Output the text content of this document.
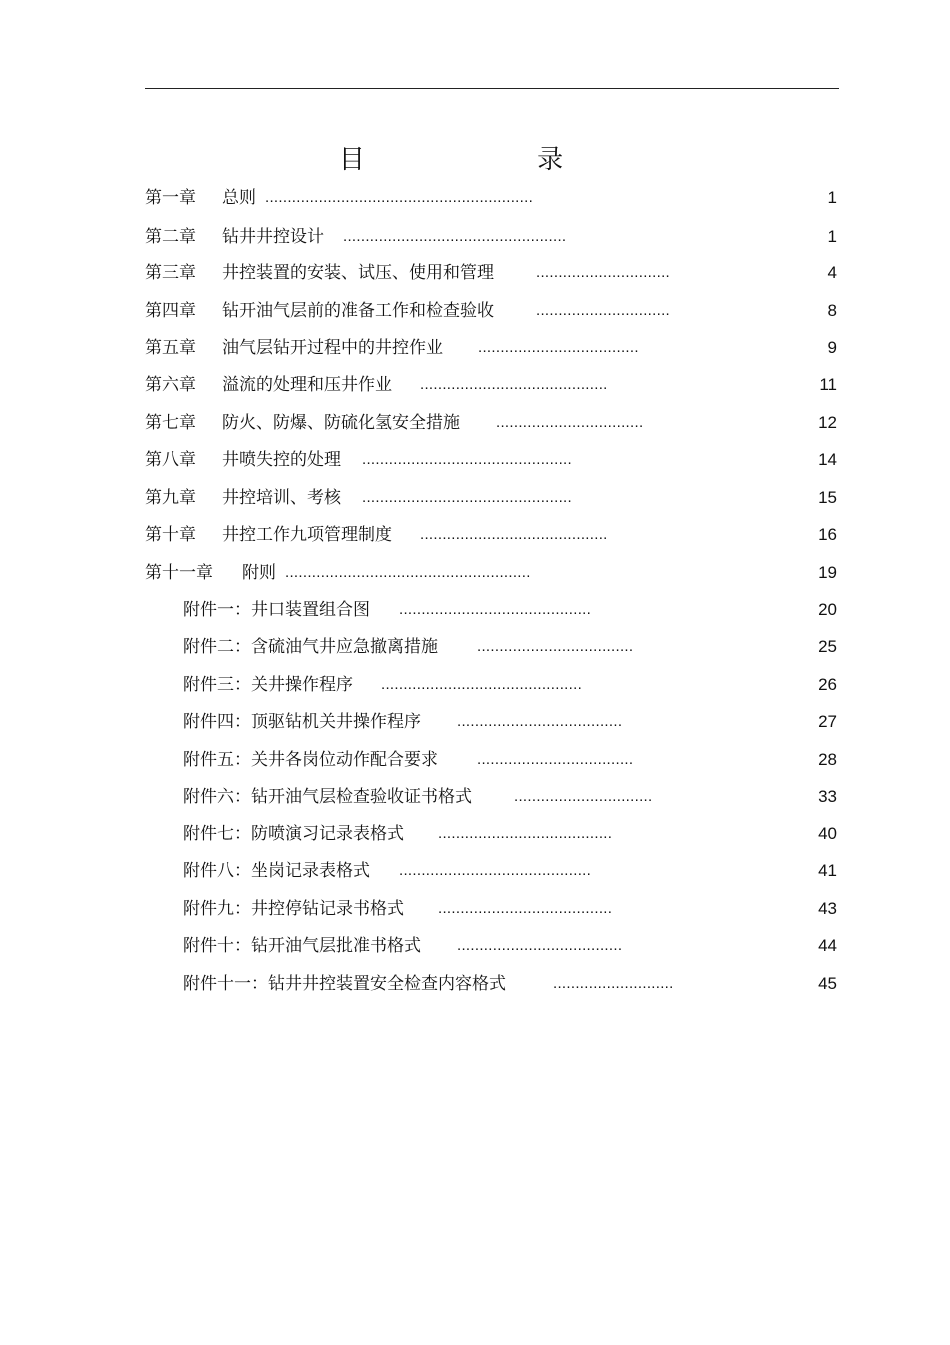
目 录
第一章 总则 ............................................................	1
第二章 钻井井控设计 ..................................................	1
第三章 井控装置的安装、试压、使用和管理	..............................	4
第四章 钻开油气层前的准备工作和检查验收	..............................	8
第五章 油气层钻开过程中的井控作业 ....................................	9
第六章 溢流的处理和压井作业 ..........................................	11
第七章 防火、防爆、防硫化氢安全措施 .................................	12
第八章 井喷失控的处理 ...............................................	14
第九章 井控培训、考核 ...............................................	15
第十章 井控工作九项管理制度 ..........................................	16
第十一章 附则 .......................................................	19
附件一：井口装置组合图 ...........................................	20
附件二：含硫油气井应急撤离措施	...................................	25
附件三：关井操作程序 .............................................	26
附件四：顶驱钻机关井操作程序 .....................................	27
附件五：关井各岗位动作配合要求	...................................	28
附件六：钻开油气层检查验收证书格式	...............................	33
附件七：防喷演习记录表格式 .......................................	40
附件八：坐岗记录表格式 ...........................................	41
附件九：井控停钻记录书格式 .......................................	43
附件十：钻开油气层批准书格式 .....................................	44
附件十一：钻井井控装置安全检查内容格式	...........................	45
